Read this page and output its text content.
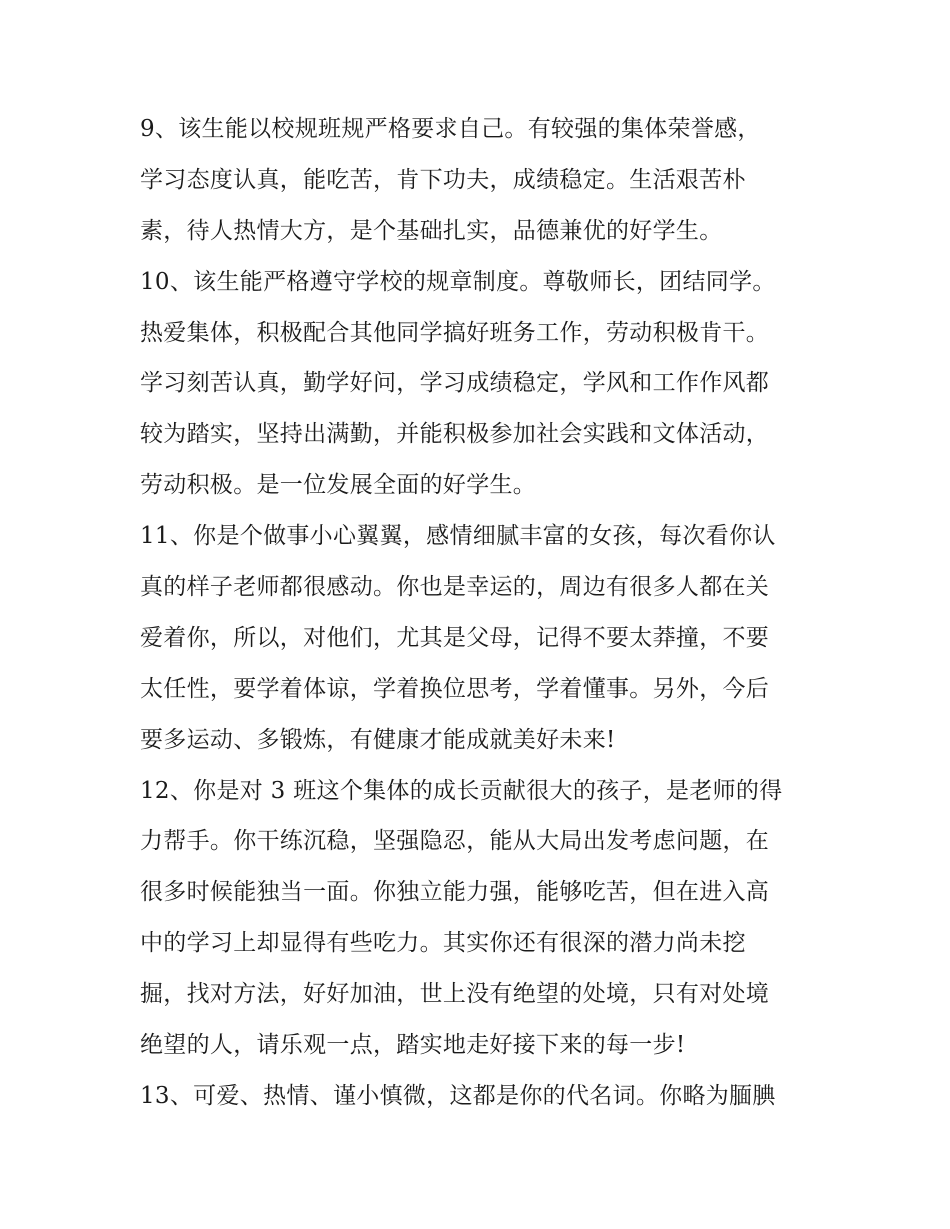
9、该生能以校规班规严格要求自己。有较强的集体荣誉感，
学习态度认真，能吃苦，肯下功夫，成绩稳定。生活艰苦朴
素，待人热情大方，是个基础扎实，品德兼优的好学生。
10、该生能严格遵守学校的规章制度。尊敬师长，团结同学。
热爱集体，积极配合其他同学搞好班务工作，劳动积极肯干。
学习刻苦认真，勤学好问，学习成绩稳定，学风和工作作风都
较为踏实，坚持出满勤，并能积极参加社会实践和文体活动，
劳动积极。是一位发展全面的好学生。
11、你是个做事小心翼翼，感情细腻丰富的女孩，每次看你认
真的样子老师都很感动。你也是幸运的，周边有很多人都在关
爱着你，所以，对他们，尤其是父母，记得不要太莽撞，不要
太任性，要学着体谅，学着换位思考，学着懂事。另外，今后
要多运动、多锻炼，有健康才能成就美好未来!
12、你是对 3 班这个集体的成长贡献很大的孩子，是老师的得
力帮手。你干练沉稳，坚强隐忍，能从大局出发考虑问题，在
很多时候能独当一面。你独立能力强，能够吃苦，但在进入高
中的学习上却显得有些吃力。其实你还有很深的潜力尚未挖
掘，找对方法，好好加油，世上没有绝望的处境，只有对处境
绝望的人，请乐观一点，踏实地走好接下来的每一步!
13、可爱、热情、谨小慎微，这都是你的代名词。你略为腼腆
